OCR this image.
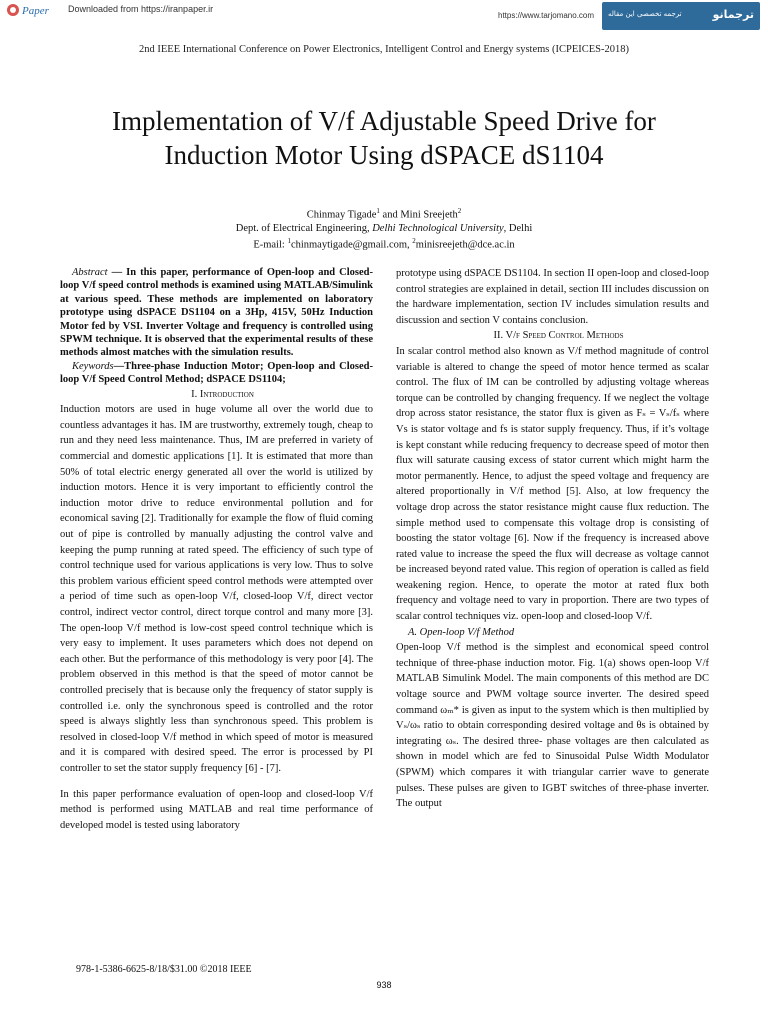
Paper Downloaded from https://iranpaper.ir
https://www.tarjomano.com ترجمه تخصصی این مقاله	ترجمانو
2nd IEEE International Conference on Power Electronics, Intelligent Control and Energy systems (ICPEICES-2018)
Implementation of V/f Adjustable Speed Drive for
Induction Motor Using dSPACE dS1104
Chinmay Tigade$^1$ and Mini Sreejeth$^2$
Dept. of Electrical Engineering, Delhi Technological University, Delhi
E-mail: $^1$chinmaytigade@gmail.com, $^2$minisreejeth@dce.ac.in

Abstract — In this paper, performance of Open-loop and Closed-loop V/f speed control methods is examined using MATLAB/Simulink at various speed. These methods are implemented on laboratory prototype using dSPACE DS1104 on a 3Hp, 415V, 50Hz Induction Motor fed by VSI. Inverter Voltage and frequency is controlled using SPWM technique. It is observed that the experimental results of these methods almost matches with the simulation results.

Keywords—Three-phase Induction Motor; Open-loop and Closed-loop V/f Speed Control Method; dSPACE DS1104;

I. Introduction

Induction motors are used in huge volume all over the world due to countless advantages it has. IM are trustworthy, extremely tough, cheap to run and they need less maintenance. Thus, IM are preferred in variety of commercial and domestic applications [1]. It is estimated that more than 50% of total electric energy generated all over the world is utilized by induction motors. Hence it is very important to efficiently control the induction motor drive to reduce environmental pollution and for economical saving [2]. Traditionally for example the flow of fluid coming out of pipe is controlled by manually adjusting the control valve and keeping the pump running at rated speed. The efficiency of such type of control technique used for various applications is very low. Thus to solve this problem various efficient speed control methods were attempted over a period of time such as open-loop V/f, closed-loop V/f, direct vector control, indirect vector control, direct torque control and many more [3]. The open-loop V/f method is low-cost speed control technique which is very easy to implement. It uses parameters which does not depend on each other. But the performance of this methodology is very poor [4]. The problem observed in this method is that the speed of motor cannot be controlled precisely that is because only the frequency of stator supply is controlled i.e. only the synchronous speed is controlled and the rotor speed is always slightly less than synchronous speed. This problem is resolved in closed-loop V/f method in which speed of motor is measured and it is compared with desired speed. The error is processed by PI controller to set the stator supply frequency [6] - [7].

In this paper performance evaluation of open-loop and closed-loop V/f method is performed using MATLAB and real time performance of developed model is tested using laboratory

prototype using dSPACE DS1104. In section II open-loop and closed-loop control strategies are explained in detail, section III includes discussion on the hardware implementation, section IV includes simulation results and discussion and section V contains conclusion.

II. V/f Speed Control Methods

In scalar control method also known as V/f method magnitude of control variable is altered to change the speed of motor hence termed as scalar control. The flux of IM can be controlled by adjusting voltage whereas torque can be controlled by changing frequency. If we neglect the voltage drop across stator resistance, the stator flux is given as Fₛ = Vₛ/fₛ where Vs is stator voltage and fs is stator supply frequency. Thus, if it’s voltage is kept constant while reducing frequency to decrease speed of motor then flux will saturate causing excess of stator current which might harm the motor permanently. Hence, to adjust the speed voltage and frequency are altered proportionally in V/f method [5]. Also, at low frequency the voltage drop across the stator resistance might cause flux reduction. The simple method used to compensate this voltage drop is consisting of boosting the stator voltage [6]. Now if the frequency is increased above rated value to increase the speed the flux will decrease as voltage cannot be increased beyond rated value. This region of operation is called as field weakening region. Hence, to operate the motor at rated flux both frequency and voltage need to vary in proportion. There are two types of scalar control techniques viz. open-loop and closed-loop V/f.

A. Open-loop V/f Method

Open-loop V/f method is the simplest and economical speed control technique of three-phase induction motor. Fig. 1(a) shows open-loop V/f MATLAB Simulink Model. The main components of this method are DC voltage source and PWM voltage source inverter. The desired speed command ωₘ* is given as input to the system which is then multiplied by Vₛ/ωₛ ratio to obtain corresponding desired voltage and θs is obtained by integrating ωₛ. The desired three- phase voltages are then calculated as shown in model which are fed to Sinusoidal Pulse Width Modulator (SPWM) which compares it with triangular carrier wave to generate pulses. These pulses are given to IGBT switches of three-phase inverter. The output

978-1-5386-6625-8/18/$31.00 ©2018 IEEE
938
